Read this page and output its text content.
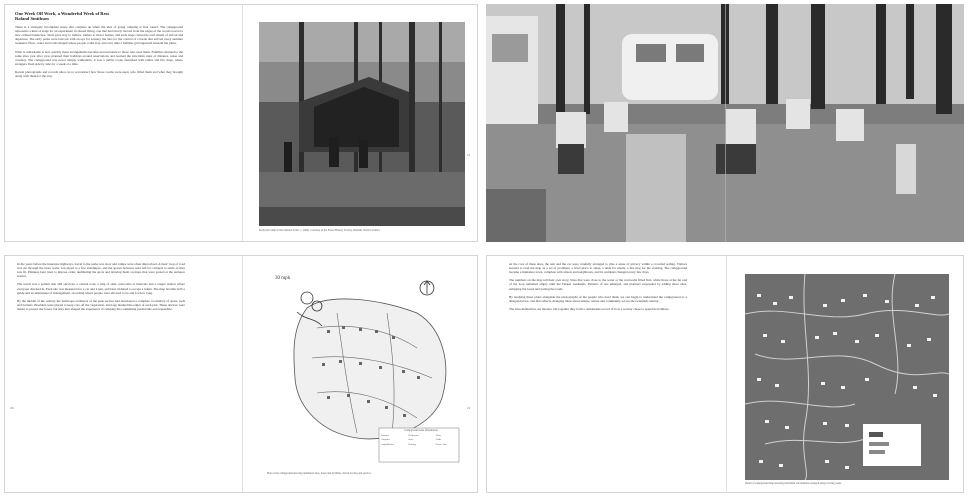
One Week Off Work, a Wonderful Week of Rest
Roland Smithson
There is a strangely incomplete sense that conjures up when the idea of going camping is first raised. The campground represents a kind of stage for an experiment in shared living, one that had slowly moved from the edges of the woods toward a new ordered landscape. Tents gave way to trailers, trailers to motor homes, and each stage carried its own rituals of arrival and departure. The early parks were laid out with an eye for scenery but also for the control of crowds that arrived every summer weekend. Fires, water and roads shaped where people could stay, and over time a familiar grid appeared beneath the pines.

What is remarkable is how quickly these arrangements became second nature to those who used them. Families returned to the same sites year after year, planned their holidays around reservations and learned the unwritten rules of distance, noise and courtesy. The campground was never simply wilderness; it was a public room, furnished with tables and fire rings, where strangers lived side by side for a week at a time.

Recent photographs and records allow us to reconstruct how those rooms were used, who filled them and what they brought along with them for the stay.
Early tent camp in the national forest, c. 1920s. Courtesy of the Forest History Society, Durham, North Carolina.
11
In the years before the interstate highways, travel to the parks was slow and camps were often improvised. A basic loop of road was cut through the trees, water was piped to a few standpipes, and the spaces between were left for campers to settle as they saw fit. Planners later tried to impose order, numbering the spots and drawing them on maps that were posted at the entrance station.

The result was a pattern that still survives: a central road, a ring of sites, restrooms at intervals and a ranger station where everyone checked in. Each site was measured for a car and a tent, and later widened to accept a trailer. The map became both a guide and an instrument of management, recording where people were allowed to be and for how long.

By the middle of the century the landscape architects of the park service had developed a complete vocabulary of spurs, pads and barriers. Boulders were placed to keep cars off the vegetation, and logs marked the edges of each plot. These devices were meant to protect the forest, but they also shaped the experience of camping into something predictable and repeatable.
20
30 mph
Campground Area Information
Entrance	Restrooms	Water
Campfire	Store	Trails
Amphitheater	Parking	Picnic Area
Plan of the campground showing numbered sites, loops and facilities, drawn for the park service.
21
At the core of these sites, the tent and the car were carefully arranged to give a sense of privacy within a crowded setting. Visitors learned to read the map as a set of promises: a level place to sleep, a table for meals, a fire ring for the evening. The campground became a miniature town, complete with streets and neighbours, and its residents changed every few days.

The numbers on the map tell their own story. Sites that were close to the water or the restrooms filled first, while those at the far end of the loop remained empty until the busiest weekends. Patterns of use emerged, and planners responded by adding more sites, enlarging the loops and paving the roads.

By studying these plans alongside the photographs of the people who used them, we can begin to understand the campground as a designed place, one that reflects changing ideas about leisure, nature and community across the twentieth century.

The sites themselves are modest, but together they form a remarkable record of how a society chose to spend its holidays.
Detail of campground map showing individual site markers arranged along curving roads.
